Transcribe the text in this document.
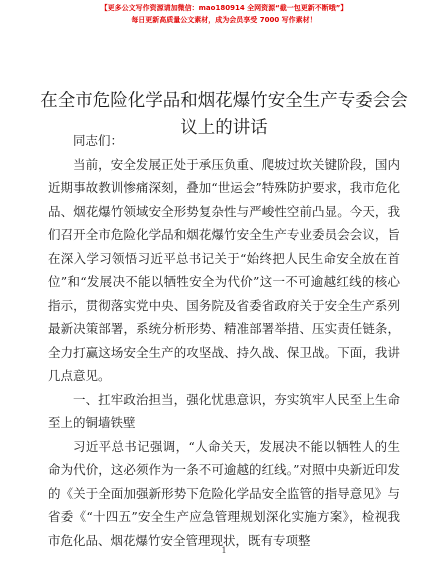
【更多公文写作资源请加微信：mao180914 全网资源“截一包更新不断哦”】
每日更新高质量公文素材，成为会员享受 7000 写作素材！
在全市危险化学品和烟花爆竹安全生产专委会会议上的讲话

同志们：

当前，安全发展正处于承压负重、爬坡过坎关键阶段，国内近期事故教训惨痛深刻，叠加“世运会”特殊防护要求，我市危化品、烟花爆竹领域安全形势复杂性与严峻性空前凸显。今天，我们召开全市危险化学品和烟花爆竹安全生产专业委员会会议，旨在深入学习领悟习近平总书记关于“始终把人民生命安全放在首位”和“发展决不能以牺牲安全为代价”这一不可逾越红线的核心指示，贯彻落实党中央、国务院及省委省政府关于安全生产系列最新决策部署，系统分析形势、精准部署举措、压实责任链条，全力打赢这场安全生产的攻坚战、持久战、保卫战。下面，我讲几点意见。

一、扛牢政治担当，强化忧患意识，夯实筑牢人民至上生命至上的铜墙铁壁

习近平总书记强调，“人命关天，发展决不能以牺牲人的生命为代价，这必须作为一条不可逾越的红线。”对照中央新近印发的《关于全面加强新形势下危险化学品安全监管的指导意见》与省委《“十四五”安全生产应急管理规划深化实施方案》，检视我市危化品、烟花爆竹安全管理现状，既有专项整

1
